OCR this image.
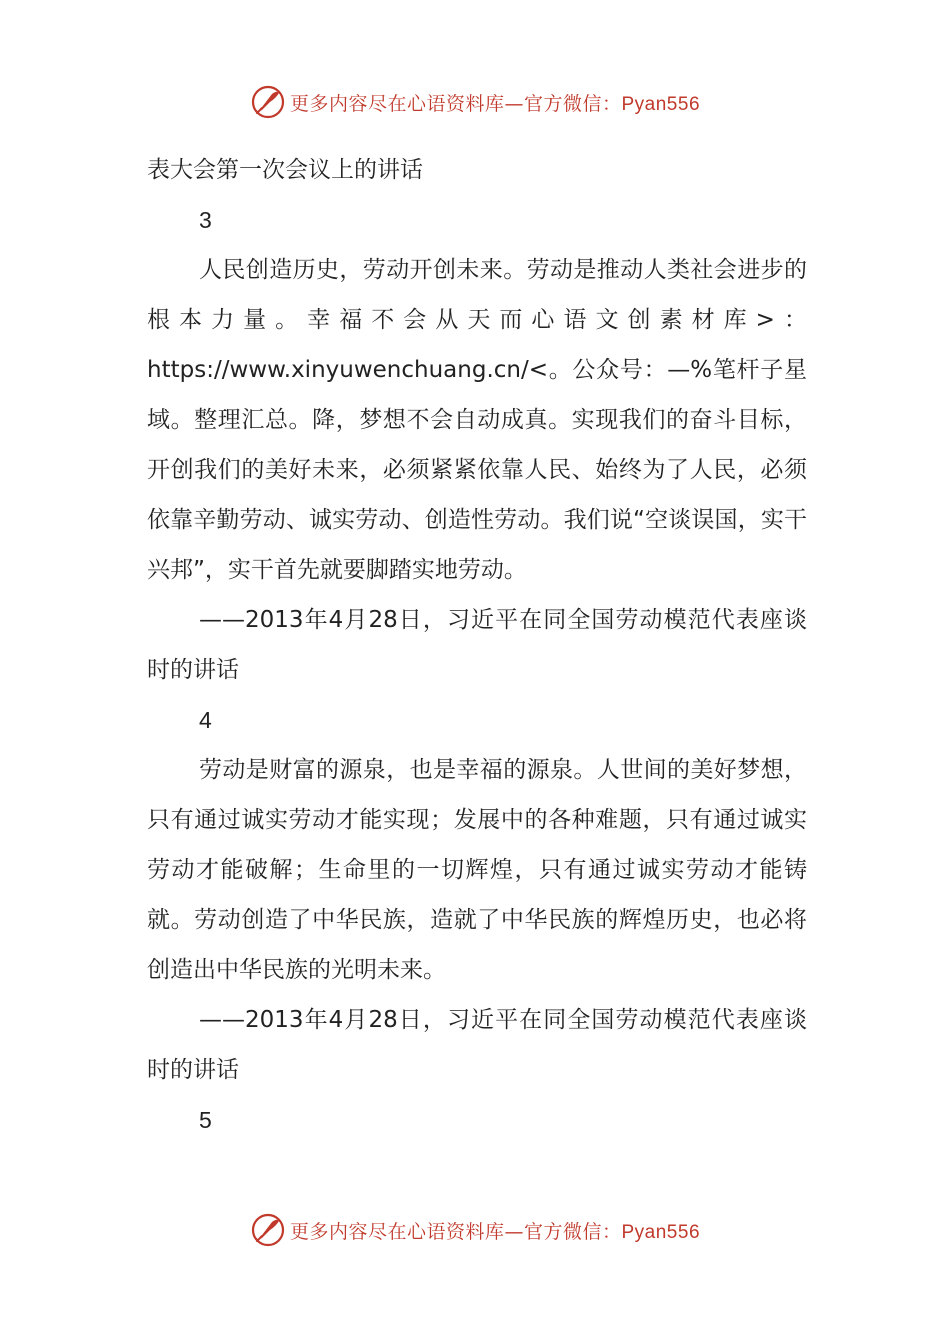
更多内容尽在心语资料库—官方微信：Pyan556

表大会第一次会议上的讲话

3

人民创造历史，劳动开创未来。劳动是推动人类社会进步的根本力量。幸福不会从天而心语文创素材库>：https://www.xinyuwenchuang.cn/<。公众号：—%笔杆子星域。整理汇总。降，梦想不会自动成真。实现我们的奋斗目标，开创我们的美好未来，必须紧紧依靠人民、始终为了人民，必须依靠辛勤劳动、诚实劳动、创造性劳动。我们说“空谈误国，实干兴邦”，实干首先就要脚踏实地劳动。

——2013年4月28日，习近平在同全国劳动模范代表座谈时的讲话

4

劳动是财富的源泉，也是幸福的源泉。人世间的美好梦想，只有通过诚实劳动才能实现；发展中的各种难题，只有通过诚实劳动才能破解；生命里的一切辉煌，只有通过诚实劳动才能铸就。劳动创造了中华民族，造就了中华民族的辉煌历史，也必将创造出中华民族的光明未来。

——2013年4月28日，习近平在同全国劳动模范代表座谈时的讲话

5

更多内容尽在心语资料库—官方微信：Pyan556
